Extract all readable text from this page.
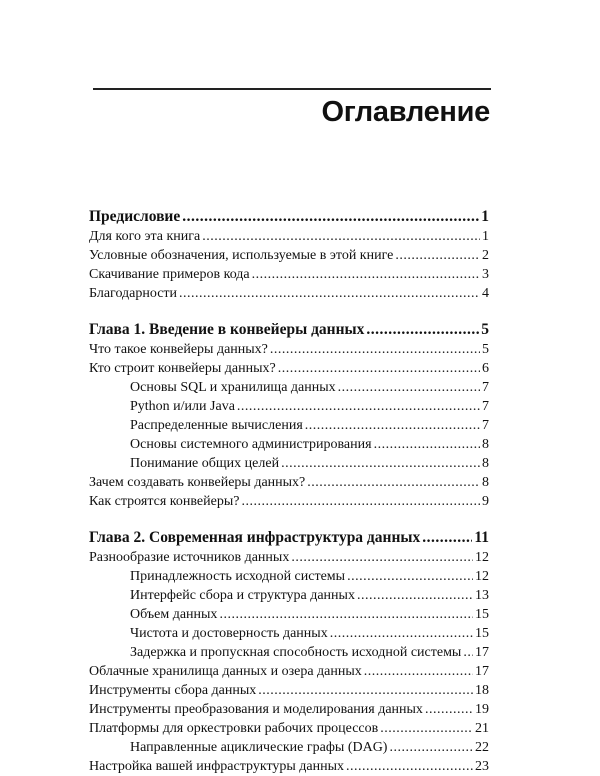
Оглавление
Предисловие .....	1
Для кого эта книга .....	1
Условные обозначения, используемые в этой книге .....	2
Скачивание примеров кода .....	3
Благодарности .....	4
Глава 1. Введение в конвейеры данных .....	5
Что такое конвейеры данных? .....	5
Кто строит конвейеры данных? .....	6
Основы SQL и хранилища данных .....	7
Python и/или Java .....	7
Распределенные вычисления .....	7
Основы системного администрирования .....	8
Понимание общих целей .....	8
Зачем создавать конвейеры данных? .....	8
Как строятся конвейеры? .....	9
Глава 2. Современная инфраструктура данных .....	11
Разнообразие источников данных .....	12
Принадлежность исходной системы .....	12
Интерфейс сбора и структура данных .....	13
Объем данных .....	15
Чистота и достоверность данных .....	15
Задержка и пропускная способность исходной системы ..... 17
Облачные хранилища данных и озера данных .....	17
Инструменты сбора данных .....	18
Инструменты преобразования и моделирования данных .....	19
Платформы для оркестровки рабочих процессов .....	21
Направленные ациклические графы (DAG) .....	22
Настройка вашей инфраструктуры данных .....	23
